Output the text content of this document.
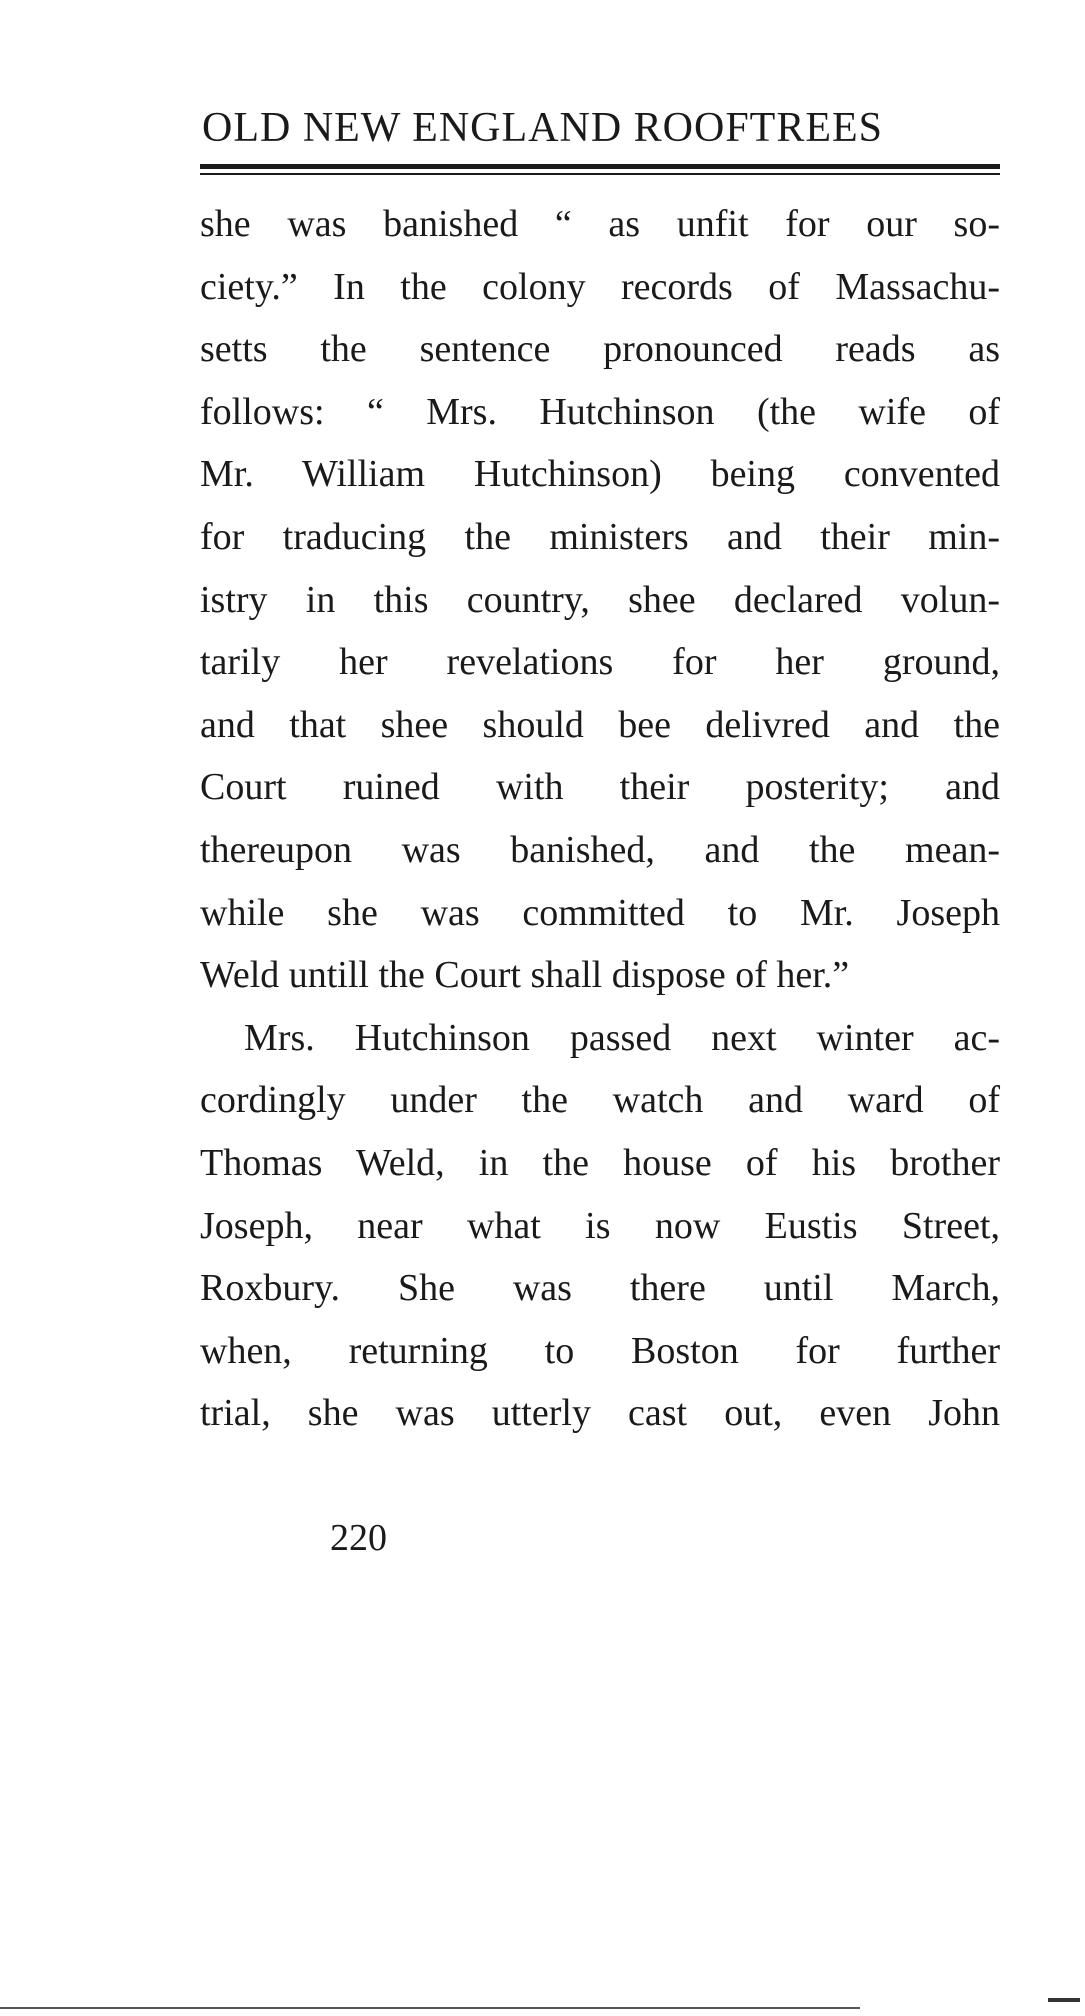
OLD NEW ENGLAND ROOFTREES
she was banished “ as unfit for our so-
ciety.” In the colony records of Massachu-
setts the sentence pronounced reads as
follows: “ Mrs. Hutchinson (the wife of
Mr. William Hutchinson) being convented
for traducing the ministers and their min-
istry in this country, shee declared volun-
tarily her revelations for her ground,
and that shee should bee delivred and the
Court ruined with their posterity; and
thereupon was banished, and the mean-
while she was committed to Mr. Joseph
Weld untill the Court shall dispose of her.”
Mrs. Hutchinson passed next winter ac-
cordingly under the watch and ward of
Thomas Weld, in the house of his brother
Joseph, near what is now Eustis Street,
Roxbury. She was there until March,
when, returning to Boston for further
trial, she was utterly cast out, even John
220
